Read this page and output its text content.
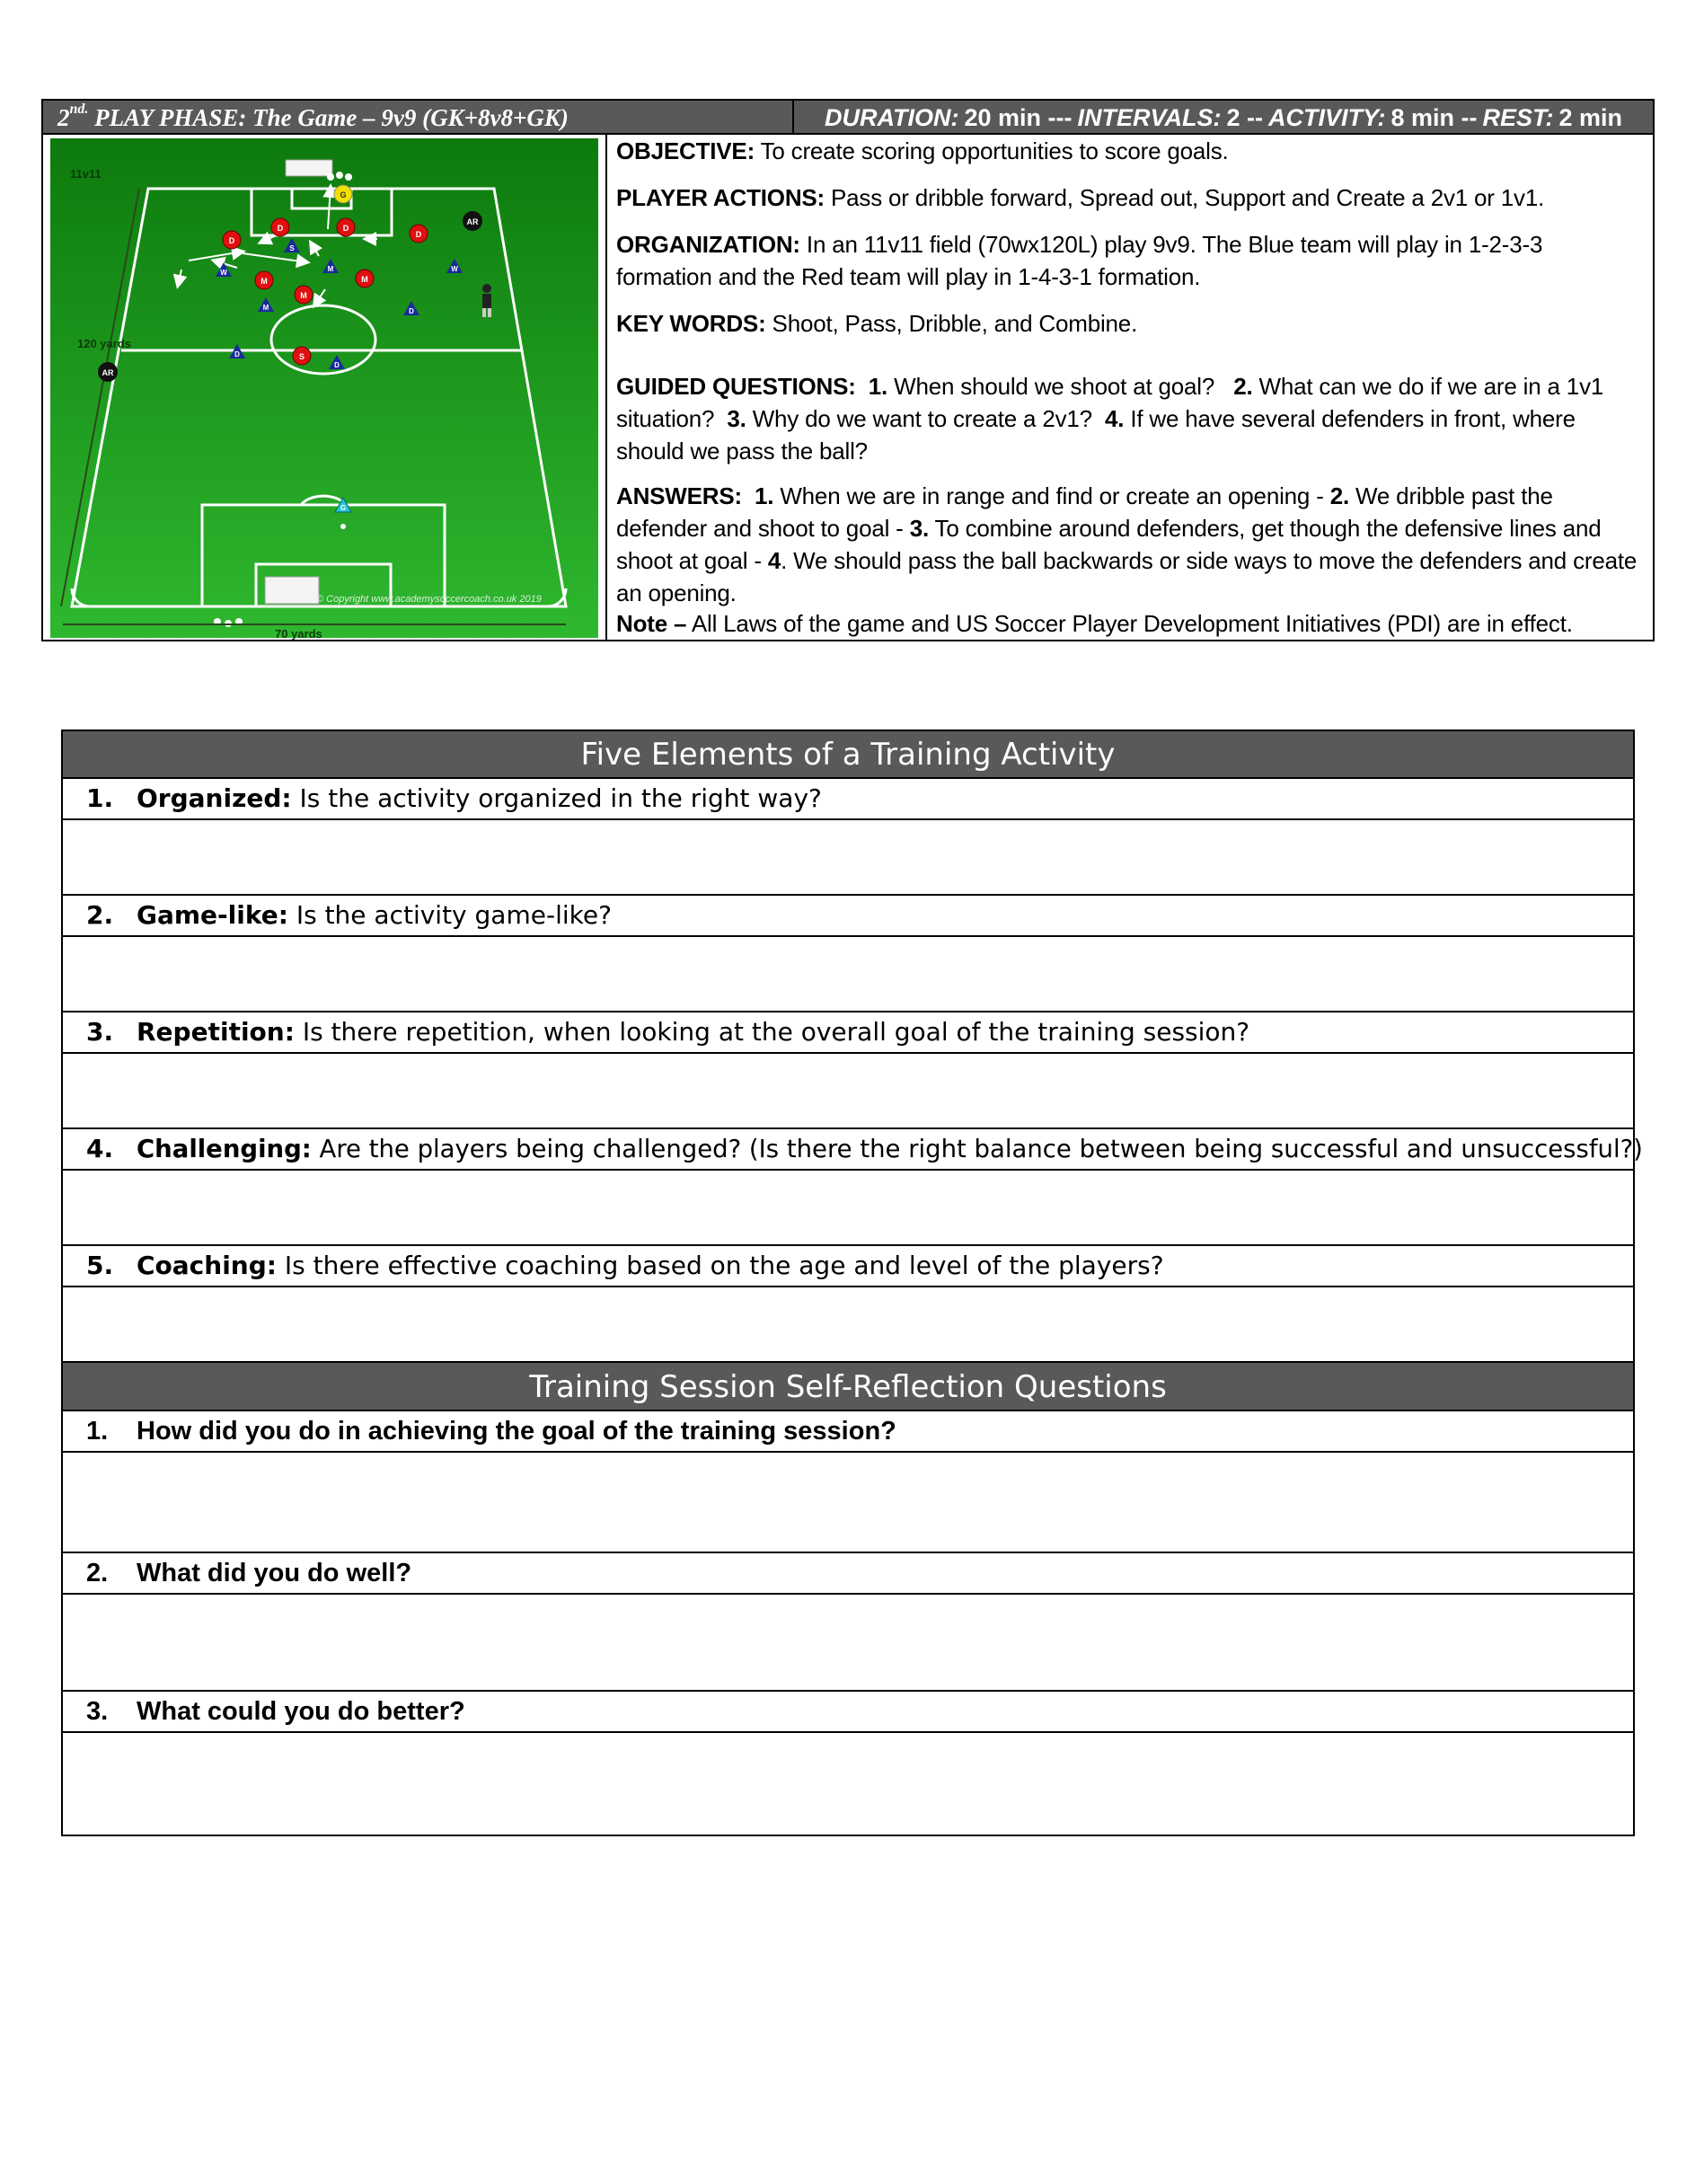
$2^{nd.}$ PLAY PHASE: The Game – 9v9 (GK+8v8+GK)	DURATION: 20 min --- INTERVALS: 2 -- ACTIVITY: 8 min -- REST: 2 min
11v11
120 yards
70 yards
© Copyright www.academysoccercoach.co.uk 2019
AR
AR
D	D
D
D
M	M
M
S
S
W	M	W
M	D
D
D
G
G

OBJECTIVE: To create scoring opportunities to score goals.

PLAYER ACTIONS: Pass or dribble forward, Spread out, Support and Create a 2v1 or 1v1.

ORGANIZATION: In an 11v11 field (70wx120L) play 9v9. The Blue team will play in 1-2-3-3 formation and the Red team will play in 1-4-3-1 formation.

KEY WORDS: Shoot, Pass, Dribble, and Combine.

GUIDED QUESTIONS: 1. When should we shoot at goal? 2. What can we do if we are in a 1v1 situation? 3. Why do we want to create a 2v1? 4. If we have several defenders in front, where should we pass the ball?

ANSWERS: 1. When we are in range and find or create an opening - 2. We dribble past the defender and shoot to goal - 3. To combine around defenders, get though the defensive lines and shoot at goal - 4. We should pass the ball backwards or side ways to move the defenders and create an opening.

Note – All Laws of the game and US Soccer Player Development Initiatives (PDI) are in effect.

Five Elements of a Training Activity
1. Organized: Is the activity organized in the right way?
2. Game-like: Is the activity game-like?
3. Repetition: Is there repetition, when looking at the overall goal of the training session?
4. Challenging: Are the players being challenged? (Is there the right balance between being successful and unsuccessful?)
5. Coaching: Is there effective coaching based on the age and level of the players?
Training Session Self-Reflection Questions
1. How did you do in achieving the goal of the training session?
2. What did you do well?
3. What could you do better?
